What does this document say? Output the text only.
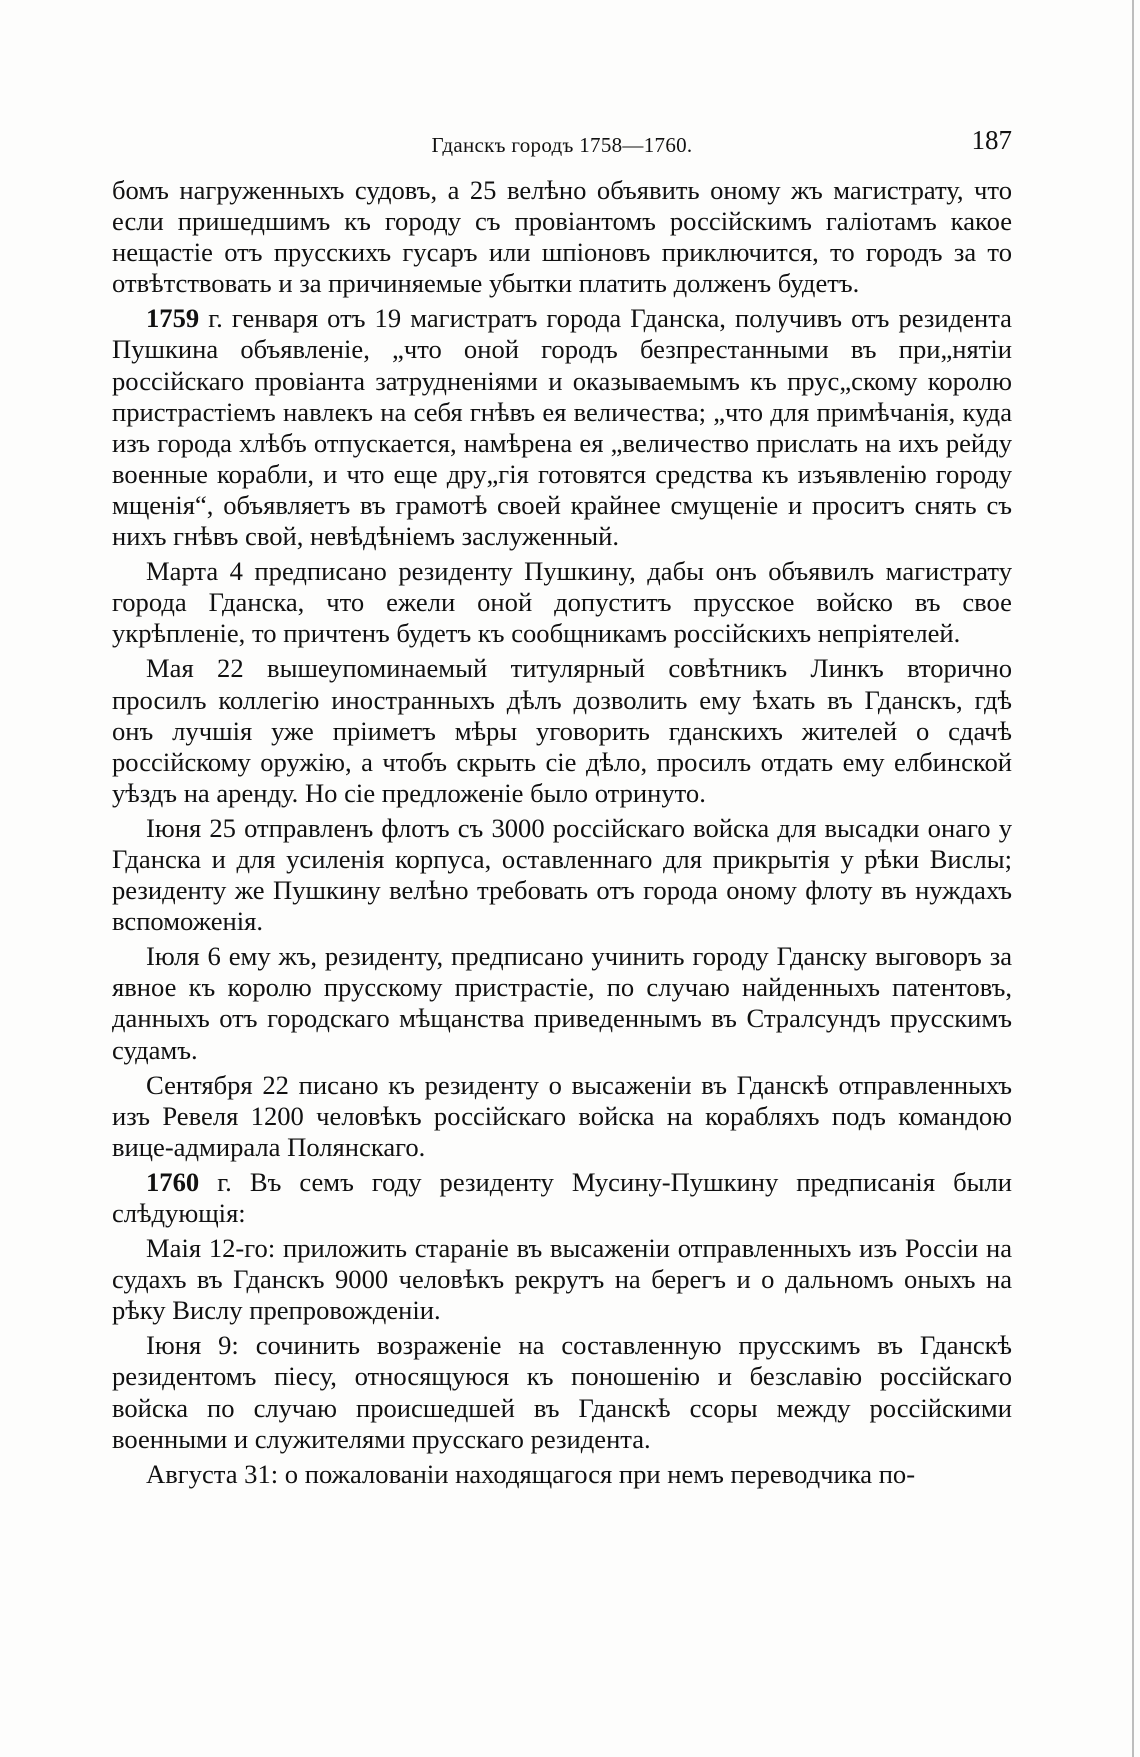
Гданскъ городъ 1758—1760.	187

бомъ нагруженныхъ судовъ, а 25 велѣно объявить оному жъ магистрату, что если пришедшимъ къ городу съ провіантомъ россійскимъ галіотамъ какое нещастіе отъ прусскихъ гусаръ или шпіоновъ приключится, то городъ за то отвѣтствовать и за причиняемые убытки платить долженъ будетъ.

1759 г. генваря отъ 19 магистратъ города Гданска, получивъ отъ резидента Пушкина объявленіе, „что оной городъ безпрестанными въ при„нятіи россійскаго провіанта затрудненіями и оказываемымъ къ прус„скому королю пристрастіемъ навлекъ на себя гнѣвъ ея величества; „что для примѣчанія, куда изъ города хлѣбъ отпускается, намѣрена ея „величество прислать на ихъ рейду военные корабли, и что еще дру„гія готовятся средства къ изъявленію городу мщенія“, объявляетъ въ грамотѣ своей крайнее смущеніе и проситъ снять съ нихъ гнѣвъ свой, невѣдѣніемъ заслуженный.

Марта 4 предписано резиденту Пушкину, дабы онъ объявилъ магистрату города Гданска, что ежели оной допуститъ прусское войско въ свое укрѣпленіе, то причтенъ будетъ къ сообщникамъ россійскихъ непріятелей.

Мая 22 вышеупоминаемый титулярный совѣтникъ Линкъ вторично просилъ коллегію иностранныхъ дѣлъ дозволить ему ѣхать въ Гданскъ, гдѣ онъ лучшія уже пріиметъ мѣры уговорить гданскихъ жителей о сдачѣ россійскому оружію, а чтобъ скрыть сіе дѣло, просилъ отдать ему елбинской уѣздъ на аренду. Но сіе предложеніе было отринуто.

Іюня 25 отправленъ флотъ съ 3000 россійскаго войска для высадки онаго у Гданска и для усиленія корпуса, оставленнаго для прикрытія у рѣки Вислы; резиденту же Пушкину велѣно требовать отъ города оному флоту въ нуждахъ вспоможенія.

Іюля 6 ему жъ, резиденту, предписано учинить городу Гданску выговоръ за явное къ королю прусскому пристрастіе, по случаю найденныхъ патентовъ, данныхъ отъ городскаго мѣщанства приведеннымъ въ Стралсундъ прусскимъ судамъ.

Сентября 22 писано къ резиденту о высаженіи въ Гданскѣ отправленныхъ изъ Ревеля 1200 человѣкъ россійскаго войска на корабляхъ подъ командою вице-адмирала Полянскаго.

1760 г. Въ семъ году резиденту Мусину-Пушкину предписанія были слѣдующія:

Маія 12-го: приложить стараніе въ высаженіи отправленныхъ изъ Россіи на судахъ въ Гданскъ 9000 человѣкъ рекрутъ на берегъ и о дальномъ оныхъ на рѣку Вислу препровожденіи.

Іюня 9: сочинить возраженіе на составленную прусскимъ въ Гданскѣ резидентомъ піесу, относящуюся къ поношенію и безславію россійскаго войска по случаю происшедшей въ Гданскѣ ссоры между россійскими военными и служителями прусскаго резидента.

Августа 31: о пожалованіи находящагося при немъ переводчика по-
